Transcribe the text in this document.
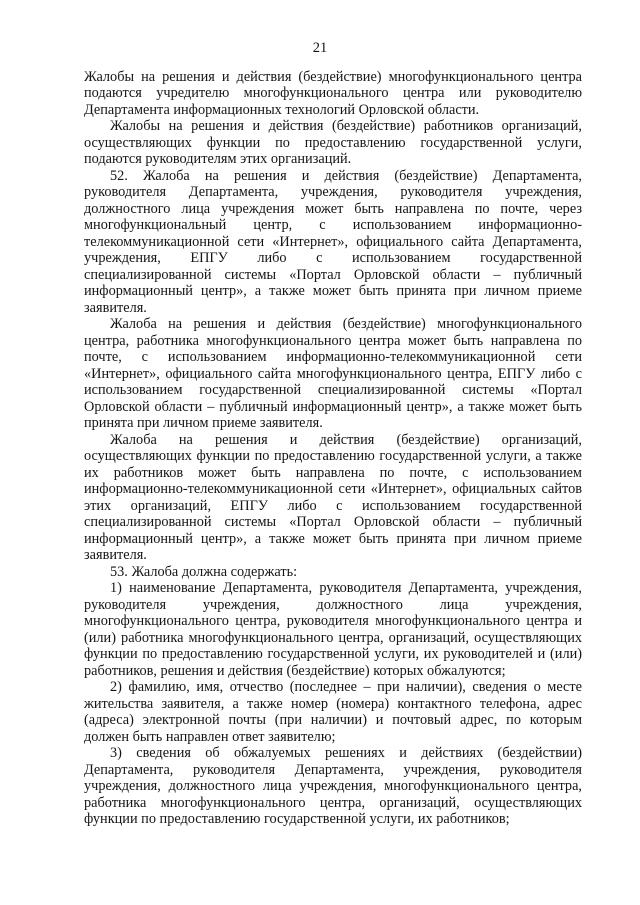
21

Жалобы на решения и действия (бездействие) многофункционального центра подаются учредителю многофункционального центра или руководителю Департамента информационных технологий Орловской области.

Жалобы на решения и действия (бездействие) работников организаций, осуществляющих функции по предоставлению государственной услуги, подаются руководителям этих организаций.

52. Жалоба на решения и действия (бездействие) Департамента, руководителя Департамента, учреждения, руководителя учреждения, должностного лица учреждения может быть направлена по почте, через многофункциональный центр, с использованием информационно-телекоммуникационной сети «Интернет», официального сайта Департамента, учреждения, ЕПГУ либо с использованием государственной специализированной системы «Портал Орловской области – публичный информационный центр», а также может быть принята при личном приеме заявителя.

Жалоба на решения и действия (бездействие) многофункционального центра, работника многофункционального центра может быть направлена по почте, с использованием информационно-телекоммуникационной сети «Интернет», официального сайта многофункционального центра, ЕПГУ либо с использованием государственной специализированной системы «Портал Орловской области – публичный информационный центр», а также может быть принята при личном приеме заявителя.

Жалоба на решения и действия (бездействие) организаций, осуществляющих функции по предоставлению государственной услуги, а также их работников может быть направлена по почте, с использованием информационно-телекоммуникационной сети «Интернет», официальных сайтов этих организаций, ЕПГУ либо с использованием государственной специализированной системы «Портал Орловской области – публичный информационный центр», а также может быть принята при личном приеме заявителя.

53. Жалоба должна содержать:

1) наименование Департамента, руководителя Департамента, учреждения, руководителя учреждения, должностного лица учреждения, многофункционального центра, руководителя многофункционального центра и (или) работника многофункционального центра, организаций, осуществляющих функции по предоставлению государственной услуги, их руководителей и (или) работников, решения и действия (бездействие) которых обжалуются;

2) фамилию, имя, отчество (последнее – при наличии), сведения о месте жительства заявителя, а также номер (номера) контактного телефона, адрес (адреса) электронной почты (при наличии) и почтовый адрес, по которым должен быть направлен ответ заявителю;

3) сведения об обжалуемых решениях и действиях (бездействии) Департамента, руководителя Департамента, учреждения, руководителя учреждения, должностного лица учреждения, многофункционального центра, работника многофункционального центра, организаций, осуществляющих функции по предоставлению государственной услуги, их работников;
